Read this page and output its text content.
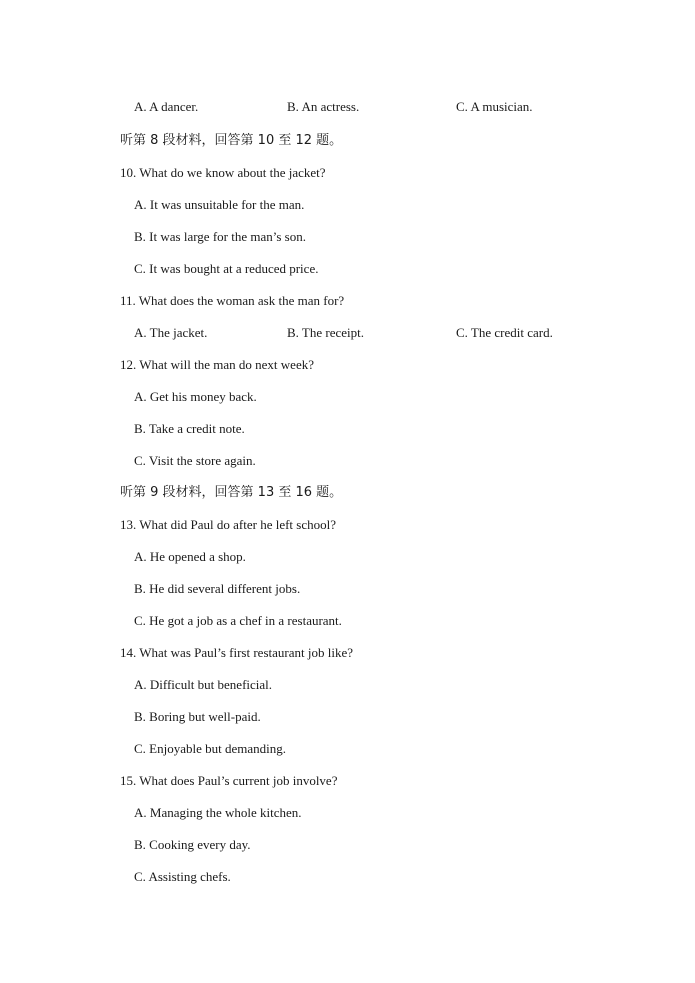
A. A dancer.	B. An actress.	C. A musician.
听第 8 段材料，回答第 10 至 12 题。
10. What do we know about the jacket?
A. It was unsuitable for the man.
B. It was large for the man’s son.
C. It was bought at a reduced price.
11. What does the woman ask the man for?
A. The jacket.	B. The receipt.	C. The credit card.
12. What will the man do next week?
A. Get his money back.
B. Take a credit note.
C. Visit the store again.
听第 9 段材料，回答第 13 至 16 题。
13. What did Paul do after he left school?
A. He opened a shop.
B. He did several different jobs.
C. He got a job as a chef in a restaurant.
14. What was Paul’s first restaurant job like?
A. Difficult but beneficial.
B. Boring but well-paid.
C. Enjoyable but demanding.
15. What does Paul’s current job involve?
A. Managing the whole kitchen.
B. Cooking every day.
C. Assisting chefs.
